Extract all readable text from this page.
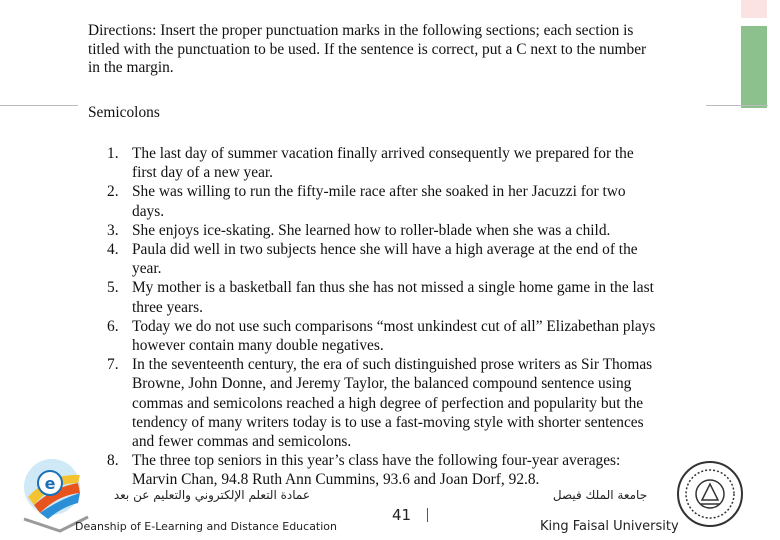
Directions: Insert the proper punctuation marks in the following sections; each section is titled with the punctuation to be used. If the sentence is correct, put a C next to the number in the margin.
Semicolons
1. The last day of summer vacation finally arrived consequently we prepared for the first day of a new year.
2. She was willing to run the fifty-mile race after she soaked in her Jacuzzi for two days.
3. She enjoys ice-skating. She learned how to roller-blade when she was a child.
4. Paula did well in two subjects hence she will have a high average at the end of the year.
5. My mother is a basketball fan thus she has not missed a single home game in the last three years.
6. Today we do not use such comparisons “most unkindest cut of all” Elizabethan plays however contain many double negatives.
7. In the seventeenth century, the era of such distinguished prose writers as Sir Thomas Browne, John Donne, and Jeremy Taylor, the balanced compound sentence using commas and semicolons reached a high degree of perfection and popularity but the tendency of many writers today is to use a fast-moving style with shorter sentences and fewer commas and semicolons.
8. The three top seniors in this year’s class have the following four-year averages: Marvin Chan, 94.8 Ruth Ann Cummins, 93.6 and Joan Dorf, 92.8.
e
عمادة التعلم الإلكتروني والتعليم عن بعد
Deanship of E-Learning and Distance Education
41
جامعة الملك فيصل
King Faisal University
